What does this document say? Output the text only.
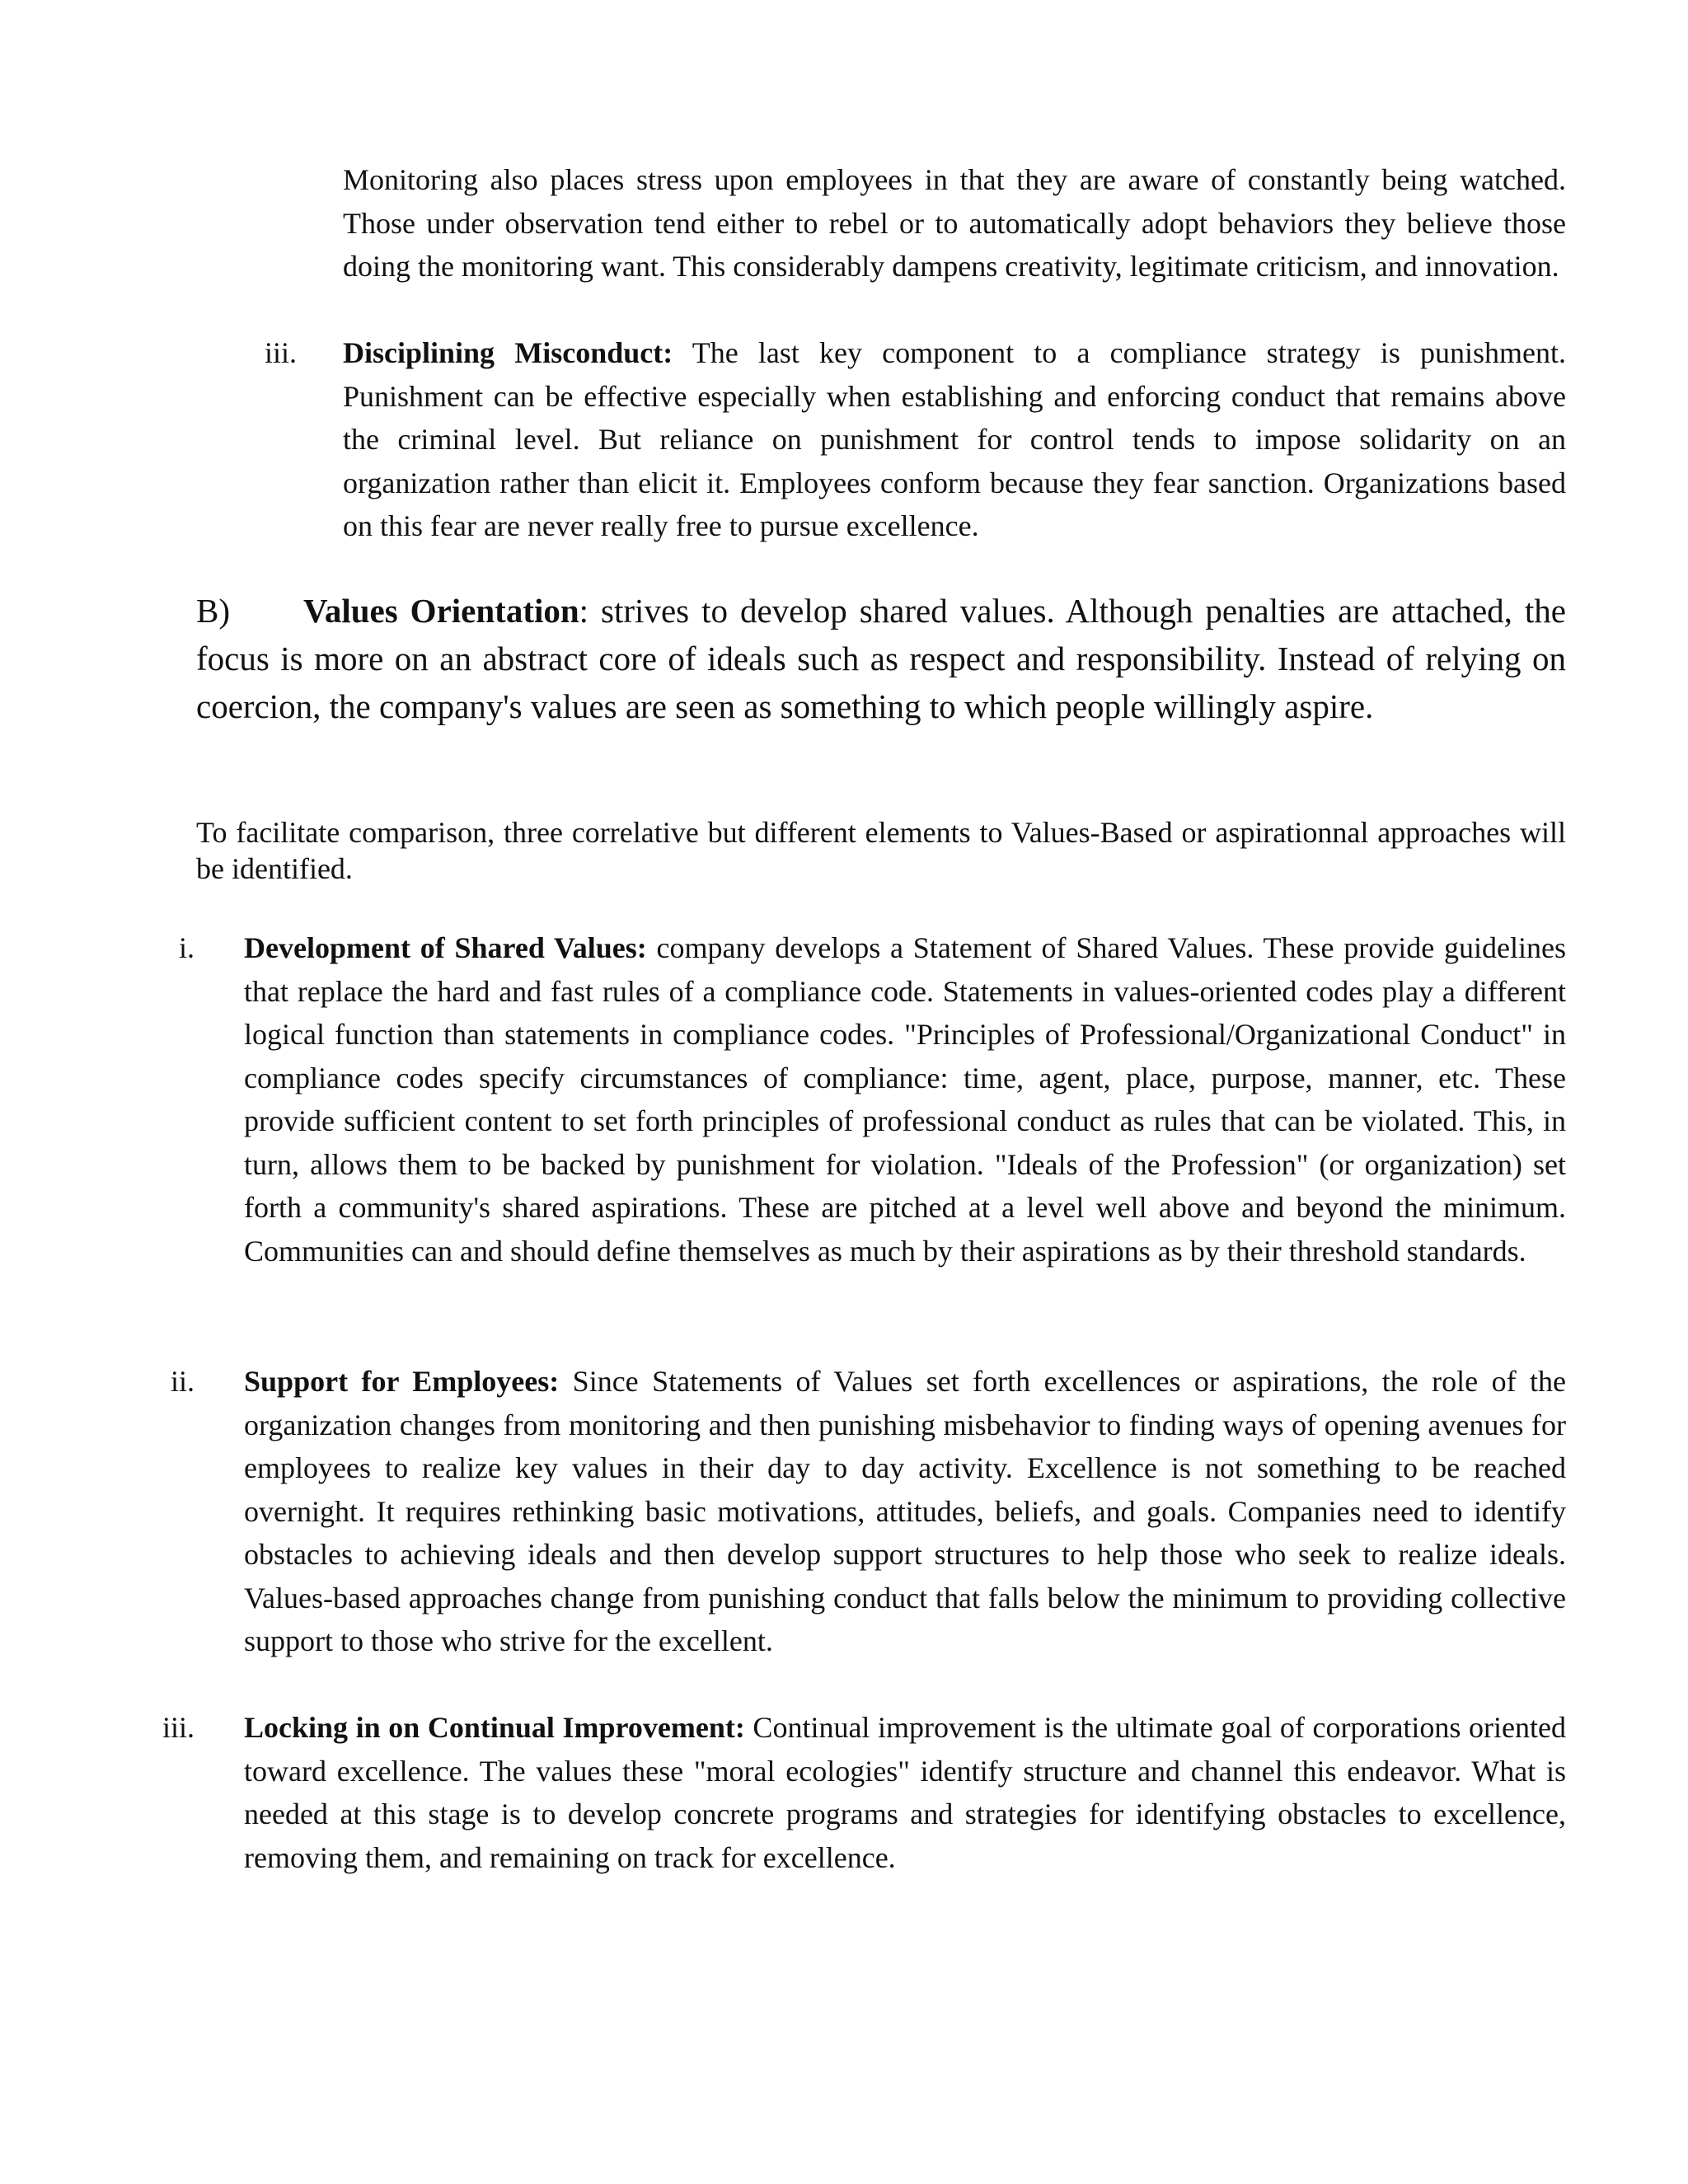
Monitoring also places stress upon employees in that they are aware of constantly being watched. Those under observation tend either to rebel or to automatically adopt behaviors they believe those doing the monitoring want. This considerably dampens creativity, legitimate criticism, and innovation.

iii. Disciplining Misconduct: The last key component to a compliance strategy is punishment. Punishment can be effective especially when establishing and enforcing conduct that remains above the criminal level. But reliance on punishment for control tends to impose solidarity on an organization rather than elicit it. Employees conform because they fear sanction. Organizations based on this fear are never really free to pursue excellence.

B) Values Orientation: strives to develop shared values. Although penalties are attached, the focus is more on an abstract core of ideals such as respect and responsibility. Instead of relying on coercion, the company's values are seen as something to which people willingly aspire.

To facilitate comparison, three correlative but different elements to Values-Based or aspirationnal approaches will be identified.

i. Development of Shared Values: company develops a Statement of Shared Values. These provide guidelines that replace the hard and fast rules of a compliance code. Statements in values-oriented codes play a different logical function than statements in compliance codes. "Principles of Professional/Organizational Conduct" in compliance codes specify circumstances of compliance: time, agent, place, purpose, manner, etc. These provide sufficient content to set forth principles of professional conduct as rules that can be violated. This, in turn, allows them to be backed by punishment for violation. "Ideals of the Profession" (or organization) set forth a community's shared aspirations. These are pitched at a level well above and beyond the minimum. Communities can and should define themselves as much by their aspirations as by their threshold standards.

ii. Support for Employees: Since Statements of Values set forth excellences or aspirations, the role of the organization changes from monitoring and then punishing misbehavior to finding ways of opening avenues for employees to realize key values in their day to day activity. Excellence is not something to be reached overnight. It requires rethinking basic motivations, attitudes, beliefs, and goals. Companies need to identify obstacles to achieving ideals and then develop support structures to help those who seek to realize ideals. Values-based approaches change from punishing conduct that falls below the minimum to providing collective support to those who strive for the excellent.

iii. Locking in on Continual Improvement: Continual improvement is the ultimate goal of corporations oriented toward excellence. The values these "moral ecologies" identify structure and channel this endeavor. What is needed at this stage is to develop concrete programs and strategies for identifying obstacles to excellence, removing them, and remaining on track for excellence.
